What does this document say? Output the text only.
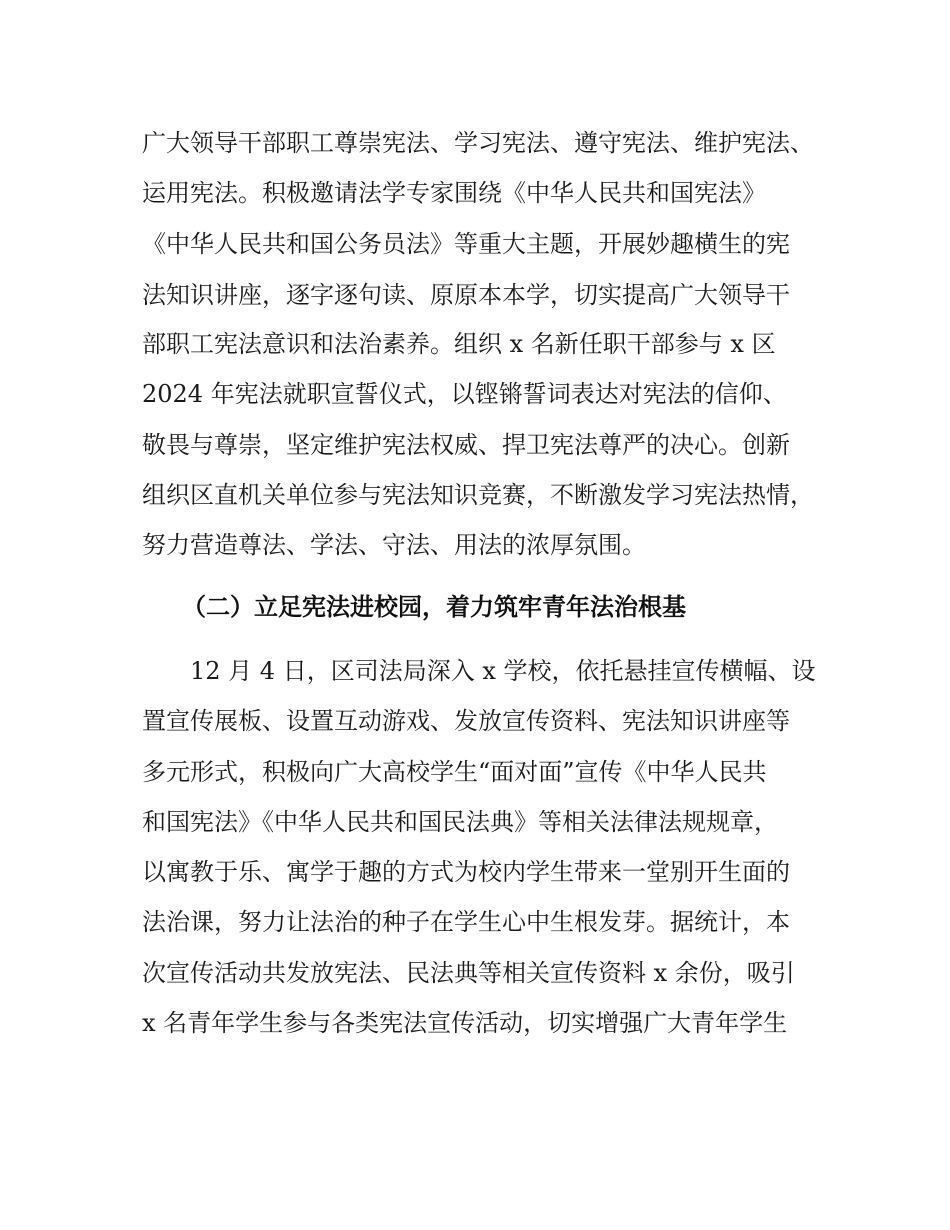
广大领导干部职工尊崇宪法、学习宪法、遵守宪法、维护宪法、
运用宪法。积极邀请法学专家围绕《中华人民共和国宪法》
《中华人民共和国公务员法》等重大主题，开展妙趣横生的宪
法知识讲座，逐字逐句读、原原本本学，切实提高广大领导干
部职工宪法意识和法治素养。组织 x 名新任职干部参与 x 区
2024 年宪法就职宣誓仪式，以铿锵誓词表达对宪法的信仰、
敬畏与尊崇，坚定维护宪法权威、捍卫宪法尊严的决心。创新
组织区直机关单位参与宪法知识竞赛，不断激发学习宪法热情，
努力营造尊法、学法、守法、用法的浓厚氛围。
（二）立足宪法进校园，着力筑牢青年法治根基
12 月 4 日，区司法局深入 x 学校，依托悬挂宣传横幅、设
置宣传展板、设置互动游戏、发放宣传资料、宪法知识讲座等
多元形式，积极向广大高校学生“面对面”宣传《中华人民共
和国宪法》《中华人民共和国民法典》等相关法律法规规章，
以寓教于乐、寓学于趣的方式为校内学生带来一堂别开生面的
法治课，努力让法治的种子在学生心中生根发芽。据统计，本
次宣传活动共发放宪法、民法典等相关宣传资料 x 余份，吸引
x 名青年学生参与各类宪法宣传活动，切实增强广大青年学生
